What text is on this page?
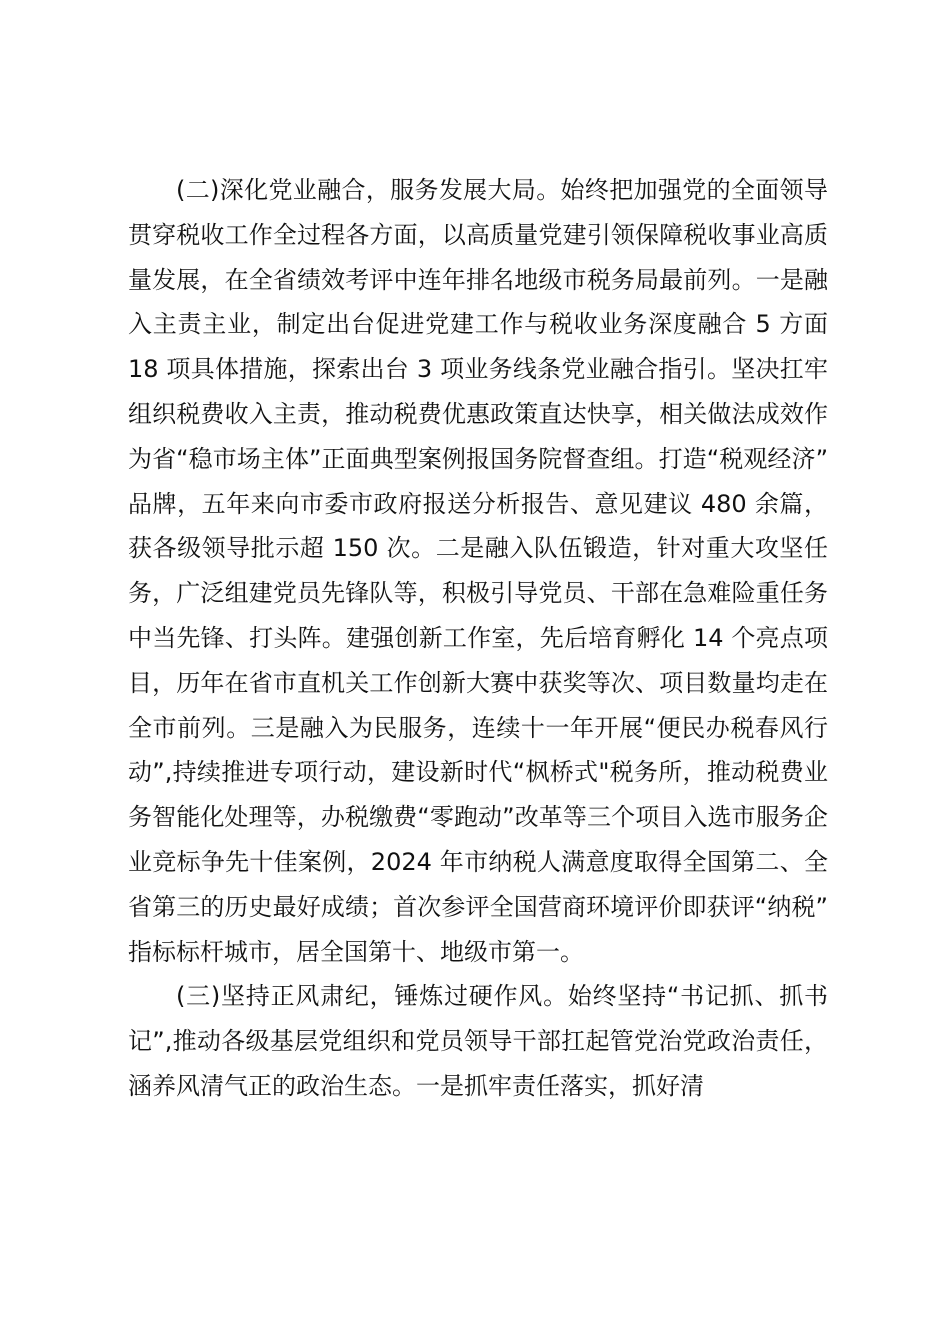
(二)深化党业融合，服务发展大局。始终把加强党的全面领导贯穿税收工作全过程各方面，以高质量党建引领保障税收事业高质量发展，在全省绩效考评中连年排名地级市税务局最前列。一是融入主责主业，制定出台促进党建工作与税收业务深度融合 5 方面 18 项具体措施，探索出台 3 项业务线条党业融合指引。坚决扛牢组织税费收入主责，推动税费优惠政策直达快享，相关做法成效作为省“稳市场主体”正面典型案例报国务院督查组。打造“税观经济”品牌，五年来向市委市政府报送分析报告、意见建议 480 余篇，获各级领导批示超 150 次。二是融入队伍锻造，针对重大攻坚任务，广泛组建党员先锋队等，积极引导党员、干部在急难险重任务中当先锋、打头阵。建强创新工作室，先后培育孵化 14 个亮点项目，历年在省市直机关工作创新大赛中获奖等次、项目数量均走在全市前列。三是融入为民服务，连续十一年开展“便民办税春风行动”,持续推进专项行动，建设新时代“枫桥式"税务所，推动税费业务智能化处理等，办税缴费“零跑动”改革等三个项目入选市服务企业竞标争先十佳案例，2024 年市纳税人满意度取得全国第二、全省第三的历史最好成绩；首次参评全国营商环境评价即获评“纳税”指标标杆城市，居全国第十、地级市第一。

(三)坚持正风肃纪，锤炼过硬作风。始终坚持“书记抓、抓书记”,推动各级基层党组织和党员领导干部扛起管党治党政治责任，涵养风清气正的政治生态。一是抓牢责任落实，抓好清
